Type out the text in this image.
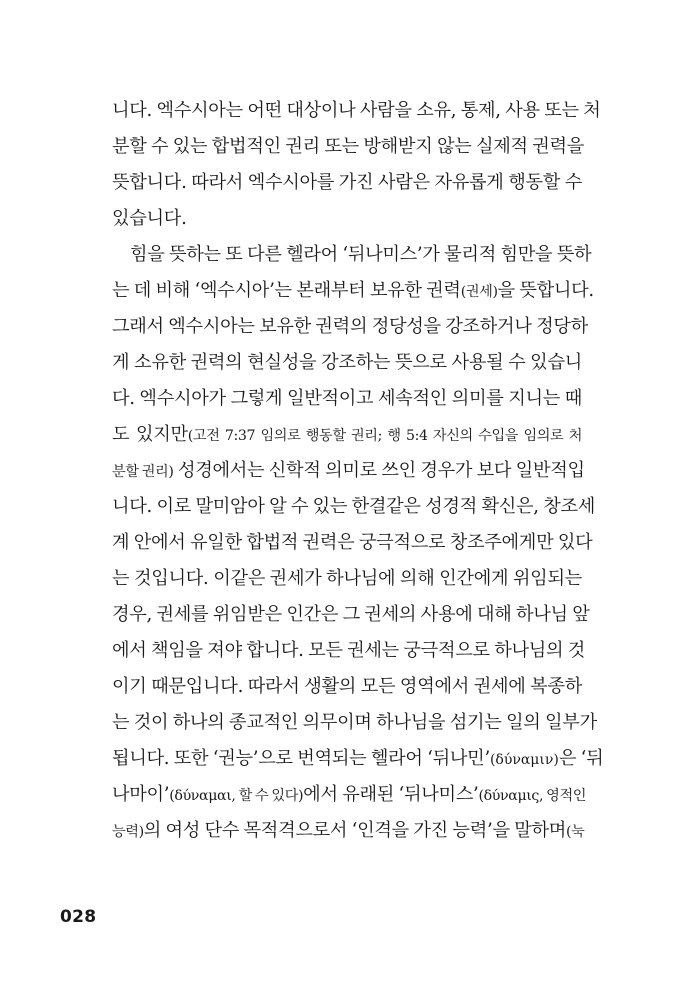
니다. 엑수시아는 어떤 대상이나 사람을 소유, 통제, 사용 또는 처
분할 수 있는 합법적인 권리 또는 방해받지 않는 실제적 권력을
뜻합니다. 따라서 엑수시아를 가진 사람은 자유롭게 행동할 수
있습니다.
힘을 뜻하는 또 다른 헬라어 ‘뒤나미스’가 물리적 힘만을 뜻하
는 데 비해 ‘엑수시아’는 본래부터 보유한 권력(권세)을 뜻합니다.
그래서 엑수시아는 보유한 권력의 정당성을 강조하거나 정당하
게 소유한 권력의 현실성을 강조하는 뜻으로 사용될 수 있습니
다. 엑수시아가 그렇게 일반적이고 세속적인 의미를 지니는 때
도 있지만(고전 7:37 임의로 행동할 권리; 행 5:4 자신의 수입을 임의로 처
분할 권리) 성경에서는 신학적 의미로 쓰인 경우가 보다 일반적입
니다. 이로 말미암아 알 수 있는 한결같은 성경적 확신은, 창조세
계 안에서 유일한 합법적 권력은 궁극적으로 창조주에게만 있다
는 것입니다. 이같은 권세가 하나님에 의해 인간에게 위임되는
경우, 권세를 위임받은 인간은 그 권세의 사용에 대해 하나님 앞
에서 책임을 져야 합니다. 모든 권세는 궁극적으로 하나님의 것
이기 때문입니다. 따라서 생활의 모든 영역에서 권세에 복종하
는 것이 하나의 종교적인 의무이며 하나님을 섬기는 일의 일부가
됩니다. 또한 ‘권능’으로 번역되는 헬라어 ‘뒤나민’(δύναμιν)은 ‘뒤
나마이’(δύναμαι, 할 수 있다)에서 유래된 ‘뒤나미스’(δύναμις, 영적인
능력)의 여성 단수 목적격으로서 ‘인격을 가진 능력’을 말하며(눅
028
